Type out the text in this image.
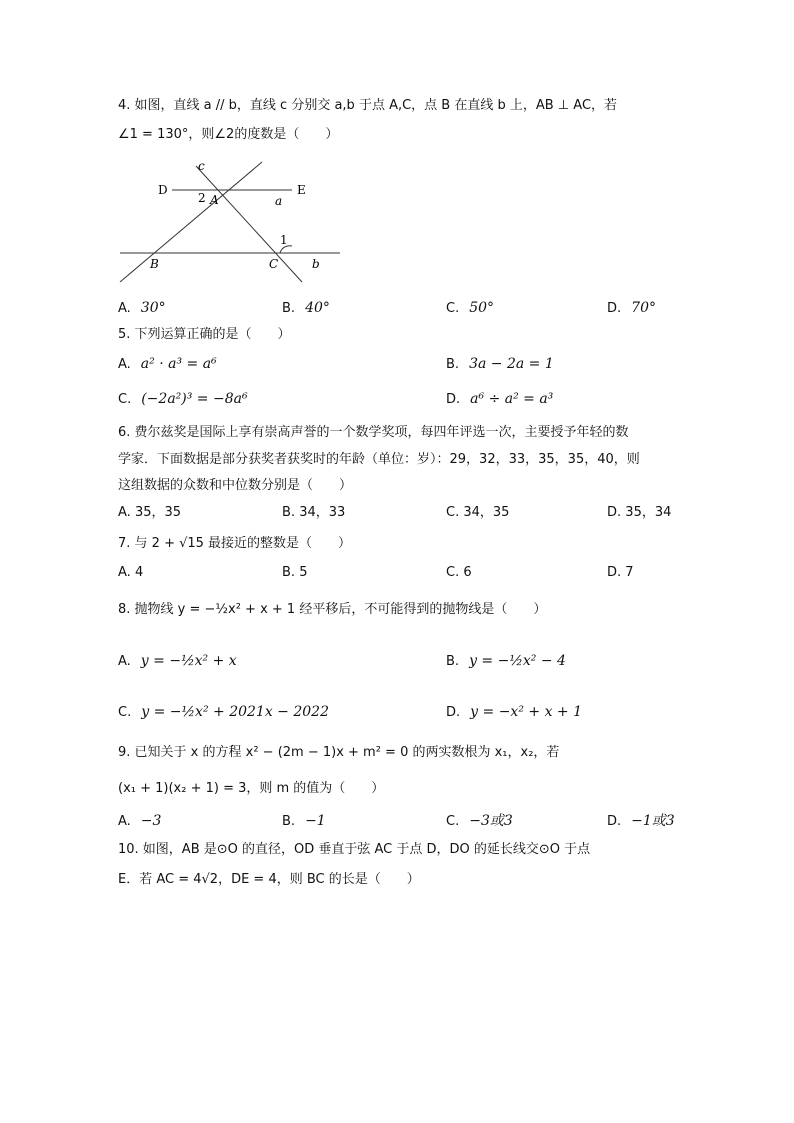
4. 如图，直线 a // b，直线 c 分别交 a,b 于点 A,C，点 B 在直线 b 上，AB ⊥ AC，若
∠1 = 130°，则∠2的度数是（　　）
D	E
c
2 A	a
1
B	C	b
A. 30°	B. 40°	C. 50°	D. 70°
5. 下列运算正确的是（　　）
A. a² · a³ = a⁶	B. 3a − 2a = 1
C. (−2a²)³ = −8a⁶	D. a⁶ ÷ a² = a³
6. 费尔兹奖是国际上享有崇高声誉的一个数学奖项，每四年评选一次，主要授予年轻的数
学家．下面数据是部分获奖者获奖时的年龄（单位：岁）：29，32，33，35，35，40，则
这组数据的众数和中位数分别是（　　）
A. 35，35	B. 34，33	C. 34，35	D. 35，34
7. 与 2 + √15 最接近的整数是（　　）
A. 4	B. 5	C. 6	D. 7
8. 抛物线 y = −½x² + x + 1 经平移后，不可能得到的抛物线是（　　）
A. y = −½x² + x	B. y = −½x² − 4
C. y = −½x² + 2021x − 2022	D. y = −x² + x + 1
9. 已知关于 x 的方程 x² − (2m − 1)x + m² = 0 的两实数根为 x₁，x₂，若
(x₁ + 1)(x₂ + 1) = 3，则 m 的值为（　　）
A. −3	B. −1	C. −3或3	D. −1或3
10. 如图，AB 是⊙O 的直径，OD 垂直于弦 AC 于点 D，DO 的延长线交⊙O 于点
E．若 AC = 4√2，DE = 4，则 BC 的长是（　　）
